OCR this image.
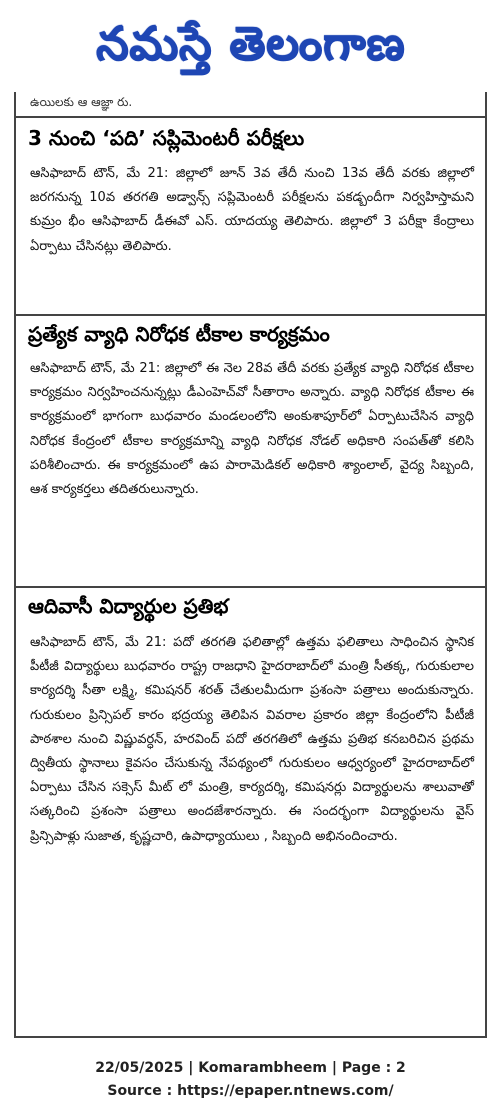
నమస్తే తెలంగాణ
ఉయిలకు ఆ ఆజ్ఞా రు.
3 నుంచి ‘పది’ సప్లిమెంటరీ పరీక్షలు
ఆసిఫాబాద్ టౌన్, మే 21: జిల్లాలో జూన్ 3వ తేదీ నుంచి 13వ తేదీ వరకు జిల్లాలో జరగనున్న 10వ తరగతి అడ్వాన్స్ సప్లిమెంటరీ పరీక్షలను పకడ్బందీగా నిర్వహిస్తామని కుమ్రం భీం ఆసిఫాబాద్ డీఈవో ఎస్. యాదయ్య తెలిపారు. జిల్లాలో 3 పరీక్షా కేంద్రాలు ఏర్పాటు చేసినట్లు తెలిపారు.
ప్రత్యేక వ్యాధి నిరోధక టీకాల కార్యక్రమం
ఆసిఫాబాద్ టౌన్, మే 21: జిల్లాలో ఈ నెల 28వ తేదీ వరకు ప్రత్యేక వ్యాధి నిరోధక టీకాల కార్యక్రమం నిర్వహించనున్నట్లు డీఎంహెచ్‌వో సీతారాం అన్నారు. వ్యాధి నిరోధక టీకాల ఈ కార్యక్రమంలో భాగంగా బుధవారం మండలంలోని అంకుశాపూర్‌లో ఏర్పాటుచేసిన వ్యాధి నిరోధక కేంద్రంలో టీకాల కార్యక్రమాన్ని వ్యాధి నిరోధక నోడల్ అధికారి సంపత్‌తో కలిసి పరిశీలించారు. ఈ కార్యక్రమంలో ఉప పారామెడికల్ అధికారి శ్యాంలాల్, వైద్య సిబ్బంది, ఆశ కార్యకర్తలు తదితరులున్నారు.
ఆదివాసీ విద్యార్థుల ప్రతిభ
ఆసిఫాబాద్ టౌన్, మే 21: పదో తరగతి ఫలితాల్లో ఉత్తమ ఫలితాలు సాధించిన స్థానిక పీటీజీ విద్యార్థులు బుధవారం రాష్ట్ర రాజధాని హైదరాబాద్‌లో మంత్రి సీతక్క, గురుకులాల కార్యదర్శి సీతా లక్ష్మి, కమిషనర్ శరత్ చేతులమీదుగా ప్రశంసా పత్రాలు అందుకున్నారు. గురుకులం ప్రిన్సిపల్ కారం భద్రయ్య తెలిపిన వివరాల ప్రకారం జిల్లా కేంద్రంలోని పీటీజీ పాఠశాల నుంచి విష్ణువర్ధన్, హరవింద్ పదో తరగతిలో ఉత్తమ ప్రతిభ కనబరిచిన ప్రథమ ద్వితీయ స్థానాలు కైవసం చేసుకున్న నేపథ్యంలో గురుకులం ఆధ్వర్యంలో హైదరాబాద్‌లో ఏర్పాటు చేసిన సక్సెస్ మీట్ లో మంత్రి, కార్యదర్శి, కమిషనర్లు విద్యార్థులను శాలువాతో సత్కరించి ప్రశంసా పత్రాలు అందజేశారన్నారు. ఈ సందర్భంగా విద్యార్థులను వైస్ ప్రిన్సిపాళ్లు సుజాత, కృష్ణచారి, ఉపాధ్యాయులు , సిబ్బంది అభినందించారు.
22/05/2025 | Komarambheem | Page : 2
Source : https://epaper.ntnews.com/
